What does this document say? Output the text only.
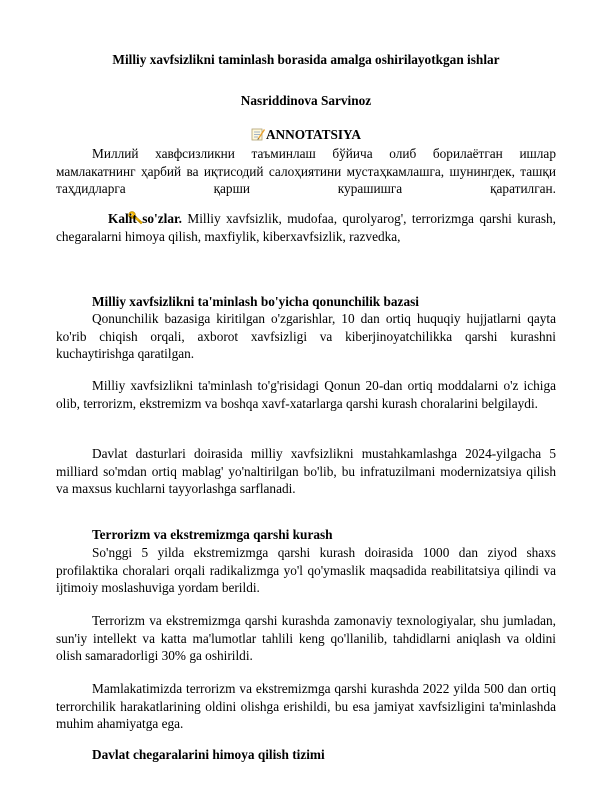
Milliy xavfsizlikni taminlash borasida amalga oshirilayotkgan ishlar
Nasriddinova Sarvinoz
ANNOTATSIYA

Миллий хавфсизликни таъминлаш бўйича олиб борилаётган ишлар мамлакатнинг ҳарбий ва иқтисодий салоҳиятини мустаҳкамлашга, шунингдек, ташқи таҳдидларга қарши курашишга қаратилган.

Kalit so'zlar. Milliy xavfsizlik, mudofaa, qurolyarog', terrorizmga qarshi kurash, chegaralarni himoya qilish, maxfiylik, kiberxavfsizlik, razvedka,

Milliy xavfsizlikni ta'minlash bo'yicha qonunchilik bazasi

Qonunchilik bazasiga kiritilgan o'zgarishlar, 10 dan ortiq huquqiy hujjatlarni qayta ko'rib chiqish orqali, axborot xavfsizligi va kiberjinoyatchilikka qarshi kurashni kuchaytirishga qaratilgan.

Milliy xavfsizlikni ta'minlash to'g'risidagi Qonun 20-dan ortiq moddalarni o'z ichiga olib, terrorizm, ekstremizm va boshqa xavf-xatarlarga qarshi kurash choralarini belgilaydi.

Davlat dasturlari doirasida milliy xavfsizlikni mustahkamlashga 2024-yilgacha 5 milliard so'mdan ortiq mablag' yo'naltirilgan bo'lib, bu infratuzilmani modernizatsiya qilish va maxsus kuchlarni tayyorlashga sarflanadi.

Terrorizm va ekstremizmga qarshi kurash

So'nggi 5 yilda ekstremizmga qarshi kurash doirasida 1000 dan ziyod shaxs profilaktika choralari orqali radikalizmga yo'l qo'ymaslik maqsadida reabilitatsiya qilindi va ijtimoiy moslashuviga yordam berildi.

Terrorizm va ekstremizmga qarshi kurashda zamonaviy texnologiyalar, shu jumladan, sun'iy intellekt va katta ma'lumotlar tahlili keng qo'llanilib, tahdidlarni aniqlash va oldini olish samaradorligi 30% ga oshirildi.

Mamlakatimizda terrorizm va ekstremizmga qarshi kurashda 2022 yilda 500 dan ortiq terrorchilik harakatlarining oldini olishga erishildi, bu esa jamiyat xavfsizligini ta'minlashda muhim ahamiyatga ega.

Davlat chegaralarini himoya qilish tizimi
